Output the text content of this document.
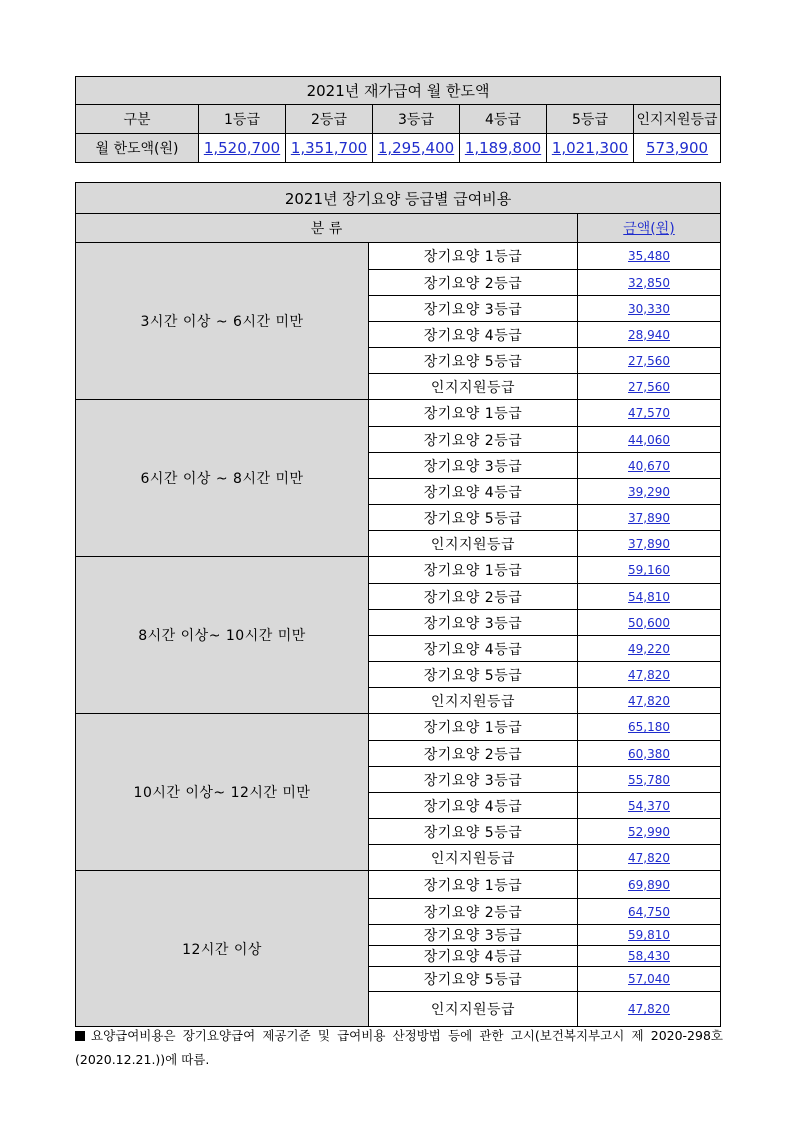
2021년 재가급여 월 한도액						
구분	1등급	2등급	3등급	4등급	5등급	인지지원등급
월 한도액(원)	1,520,700	1,351,700	1,295,400	1,189,800	1,021,300	573,900
2021년 장기요양 등급별 급여비용		
분 류		금액(원)
3시간 이상 ~ 6시간 미만	장기요양 1등급	35,480
	장기요양 2등급	32,850
	장기요양 3등급	30,330
	장기요양 4등급	28,940
	장기요양 5등급	27,560
	인지지원등급	27,560
6시간 이상 ~ 8시간 미만	장기요양 1등급	47,570
	장기요양 2등급	44,060
	장기요양 3등급	40,670
	장기요양 4등급	39,290
	장기요양 5등급	37,890
	인지지원등급	37,890
8시간 이상~ 10시간 미만	장기요양 1등급	59,160
	장기요양 2등급	54,810
	장기요양 3등급	50,600
	장기요양 4등급	49,220
	장기요양 5등급	47,820
	인지지원등급	47,820
10시간 이상~ 12시간 미만	장기요양 1등급	65,180
	장기요양 2등급	60,380
	장기요양 3등급	55,780
	장기요양 4등급	54,370
	장기요양 5등급	52,990
	인지지원등급	47,820
12시간 이상	장기요양 1등급	69,890
	장기요양 2등급	64,750
	장기요양 3등급	59,810
	장기요양 4등급	58,430
	장기요양 5등급	57,040
	인지지원등급	47,820
요양급여비용은 장기요양급여 제공기준 및 급여비용 산정방법 등에 관한 고시(보건복지부고시 제 2020-298호(2020.12.21.))에 따름.
